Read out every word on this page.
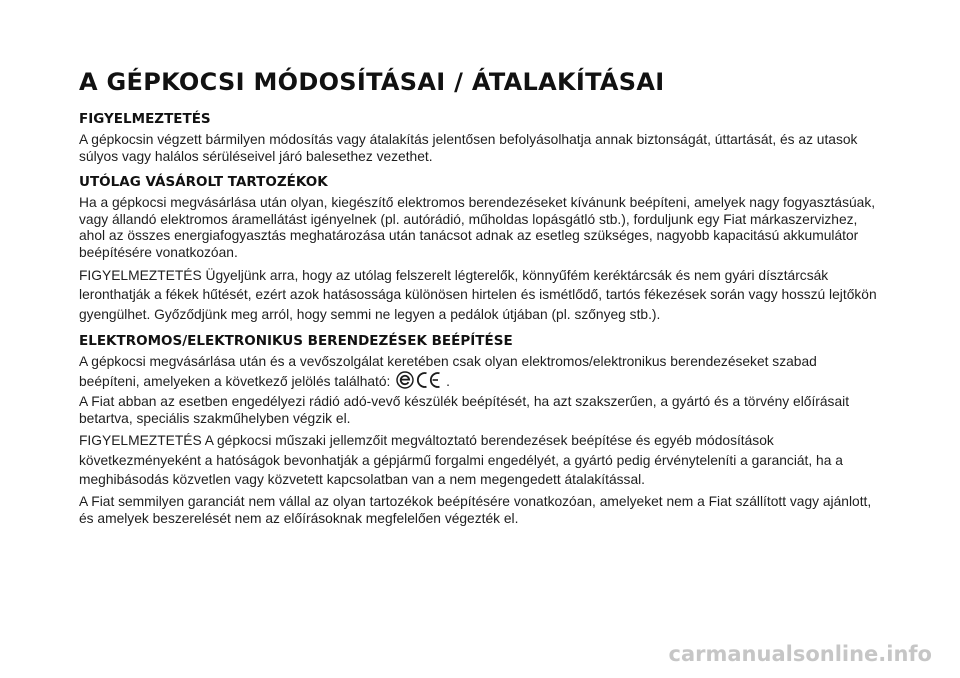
A GÉPKOCSI MÓDOSÍTÁSAI / ÁTALAKÍTÁSAI
FIGYELMEZTETÉS

A gépkocsin végzett bármilyen módosítás vagy átalakítás jelentősen befolyásolhatja annak biztonságát, úttartását, és az utasok súlyos vagy halálos sérüléseivel járó balesethez vezethet.

UTÓLAG VÁSÁROLT TARTOZÉKOK

Ha a gépkocsi megvásárlása után olyan, kiegészítő elektromos berendezéseket kívánunk beépíteni, amelyek nagy fogyasztásúak, vagy állandó elektromos áramellátást igényelnek (pl. autórádió, műholdas lopásgátló stb.), forduljunk egy Fiat márkaszervizhez, ahol az összes energiafogyasztás meghatározása után tanácsot adnak az esetleg szükséges, nagyobb kapacitású akkumulátor beépítésére vonatkozóan.

FIGYELMEZTETÉS Ügyeljünk arra, hogy az utólag felszerelt légterelők, könnyűfém keréktárcsák és nem gyári dísztárcsák leronthatják a fékek hűtését, ezért azok hatásossága különösen hirtelen és ismétlődő, tartós fékezések során vagy hosszú lejtőkön gyengülhet. Győződjünk meg arról, hogy semmi ne legyen a pedálok útjában (pl. szőnyeg stb.).

ELEKTROMOS/ELEKTRONIKUS BERENDEZÉSEK BEÉPÍTÉSE

A gépkocsi megvásárlása után és a vevőszolgálat keretében csak olyan elektromos/elektronikus berendezéseket szabad beépíteni, amelyeken a következő jelölés található:	.

A Fiat abban az esetben engedélyezi rádió adó-vevő készülék beépítését, ha azt szakszerűen, a gyártó és a törvény előírásait betartva, speciális szakműhelyben végzik el.

FIGYELMEZTETÉS A gépkocsi műszaki jellemzőit megváltoztató berendezések beépítése és egyéb módosítások következményeként a hatóságok bevonhatják a gépjármű forgalmi engedélyét, a gyártó pedig érvényteleníti a garanciát, ha a meghibásodás közvetlen vagy közvetett kapcsolatban van a nem megengedett átalakítással.

A Fiat semmilyen garanciát nem vállal az olyan tartozékok beépítésére vonatkozóan, amelyeket nem a Fiat szállított vagy ajánlott, és amelyek beszerelését nem az előírásoknak megfelelően végezték el.

carmanualsonline.info
